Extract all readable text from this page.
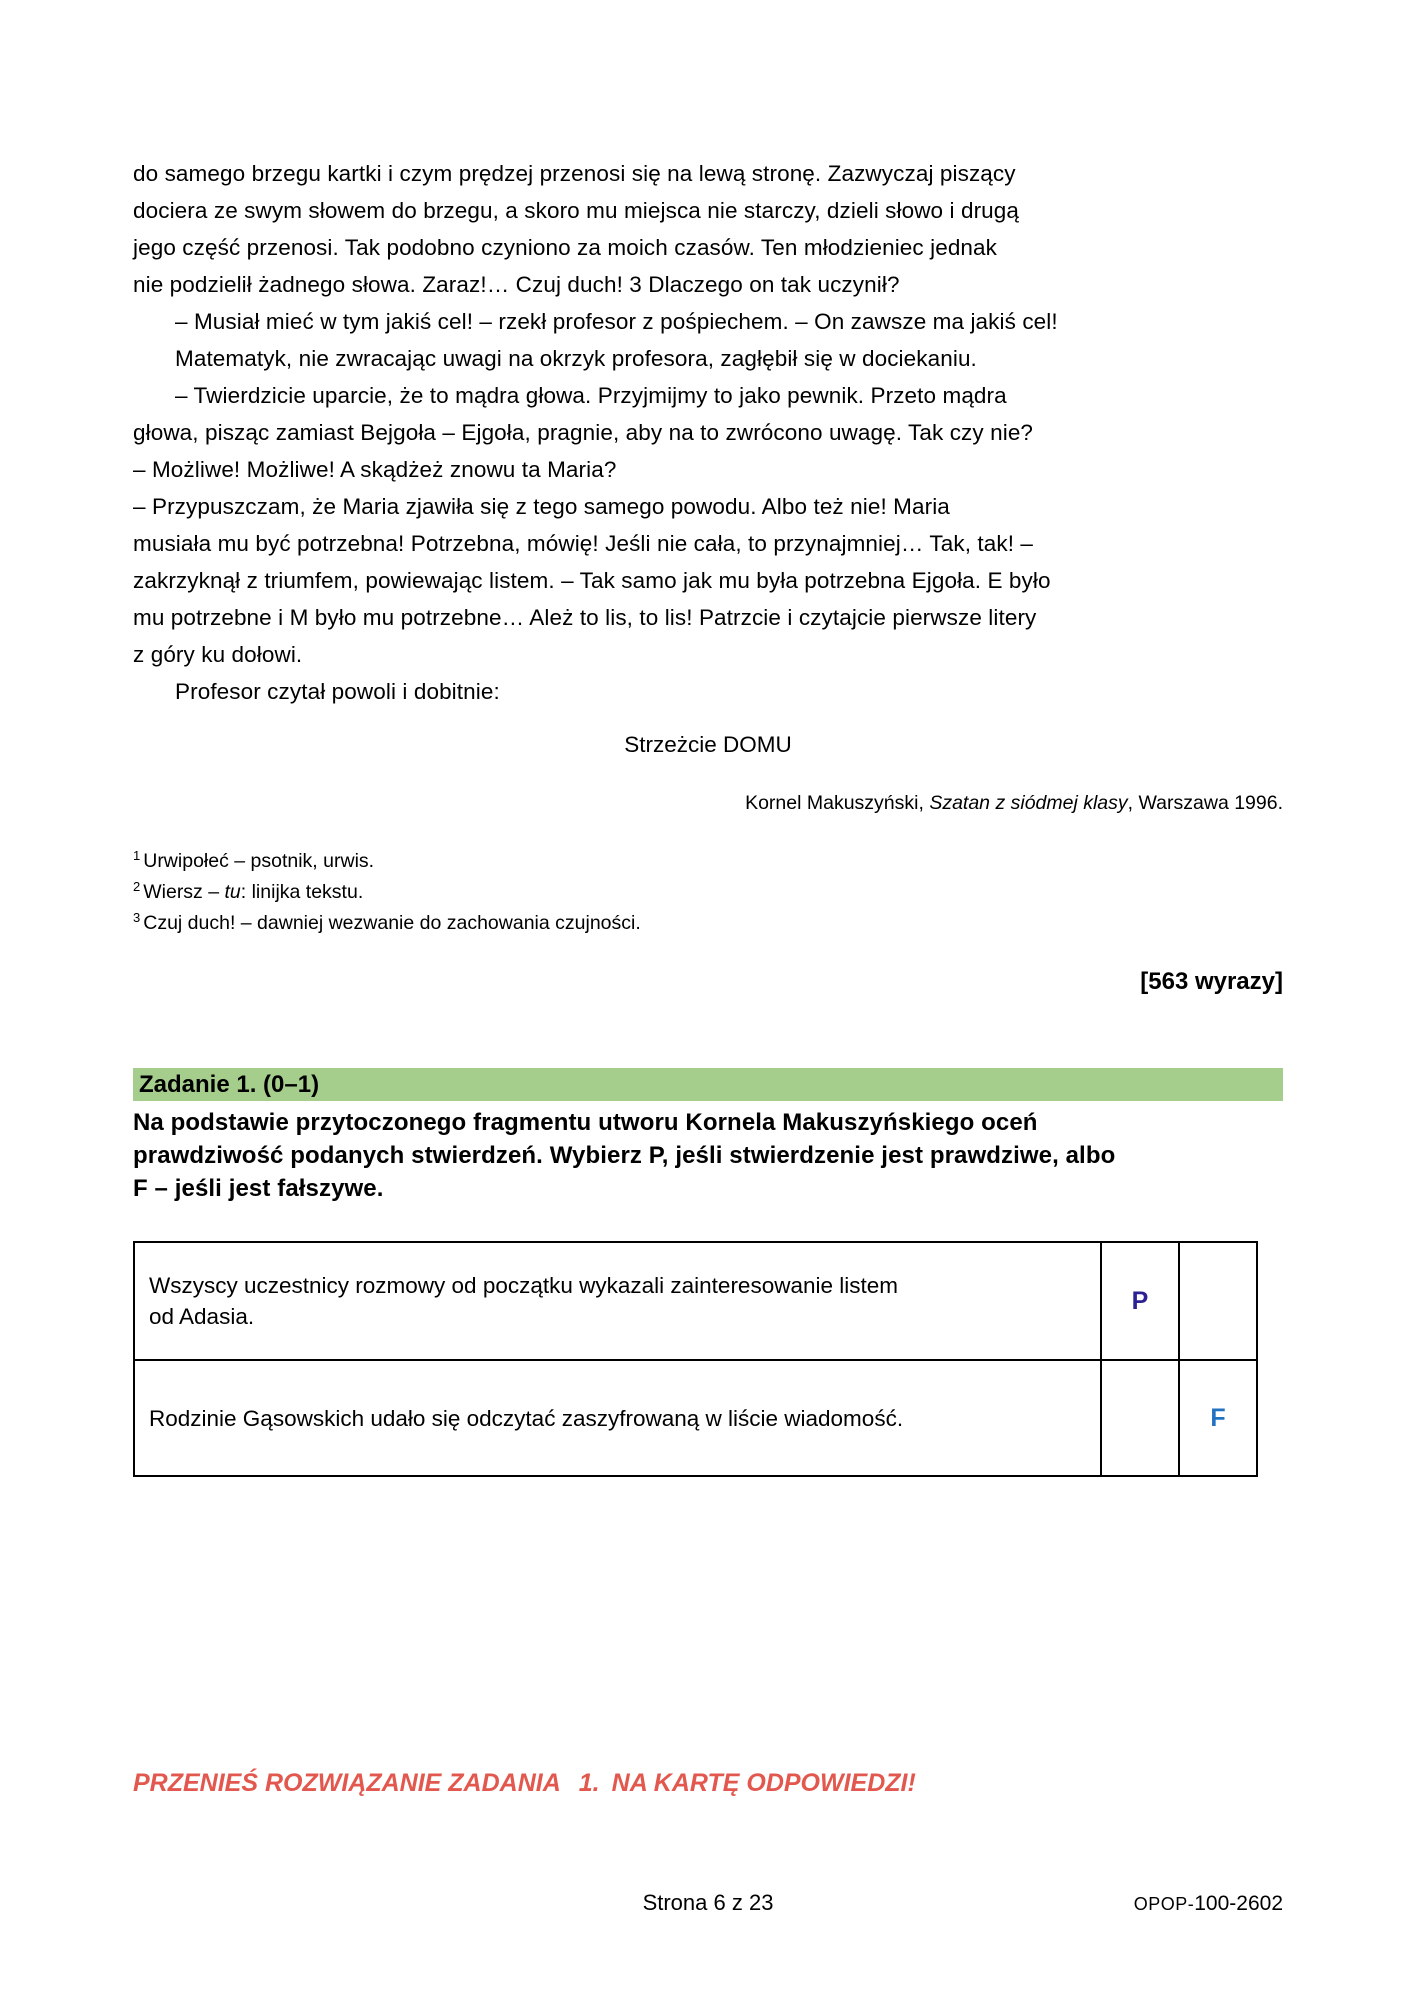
do samego brzegu kartki i czym prędzej przenosi się na lewą stronę. Zazwyczaj piszący
dociera ze swym słowem do brzegu, a skoro mu miejsca nie starczy, dzieli słowo i drugą
jego część przenosi. Tak podobno czyniono za moich czasów. Ten młodzieniec jednak
nie podzielił żadnego słowa. Zaraz!… Czuj duch! 3 Dlaczego on tak uczynił?
– Musiał mieć w tym jakiś cel! – rzekł profesor z pośpiechem. – On zawsze ma jakiś cel!
Matematyk, nie zwracając uwagi na okrzyk profesora, zagłębił się w dociekaniu.
– Twierdzicie uparcie, że to mądra głowa. Przyjmijmy to jako pewnik. Przeto mądra
głowa, pisząc zamiast Bejgoła – Ejgoła, pragnie, aby na to zwrócono uwagę. Tak czy nie?
– Możliwe! Możliwe! A skądżeż znowu ta Maria?
– Przypuszczam, że Maria zjawiła się z tego samego powodu. Albo też nie! Maria
musiała mu być potrzebna! Potrzebna, mówię! Jeśli nie cała, to przynajmniej… Tak, tak! –
zakrzyknął z triumfem, powiewając listem. – Tak samo jak mu była potrzebna Ejgoła. E było
mu potrzebne i M było mu potrzebne… Ależ to lis, to lis! Patrzcie i czytajcie pierwsze litery
z góry ku dołowi.
Profesor czytał powoli i dobitnie:
Strzeżcie DOMU
Kornel Makuszyński, Szatan z siódmej klasy, Warszawa 1996.
$^1$ Urwipołeć – psotnik, urwis.
$^2$ Wiersz – tu: linijka tekstu.
$^3$ Czuj duch! – dawniej wezwanie do zachowania czujności.
[563 wyrazy]
Zadanie 1. (0–1)
Na podstawie przytoczonego fragmentu utworu Kornela Makuszyńskiego oceń
prawdziwość podanych stwierdzeń. Wybierz P, jeśli stwierdzenie jest prawdziwe, albo
F – jeśli jest fałszywe.
Wszyscy uczestnicy rozmowy od początku wykazali zainteresowanie listem
od Adasia.	P	

Rodzinie Gąsowskich udało się odczytać zaszyfrowaną w liście wiadomość.		F
PRZENIEŚ ROZWIĄZANIE ZADANIA 1. NA KARTĘ ODPOWIEDZI!
Strona 6 z 23	OPOP-100-2602
